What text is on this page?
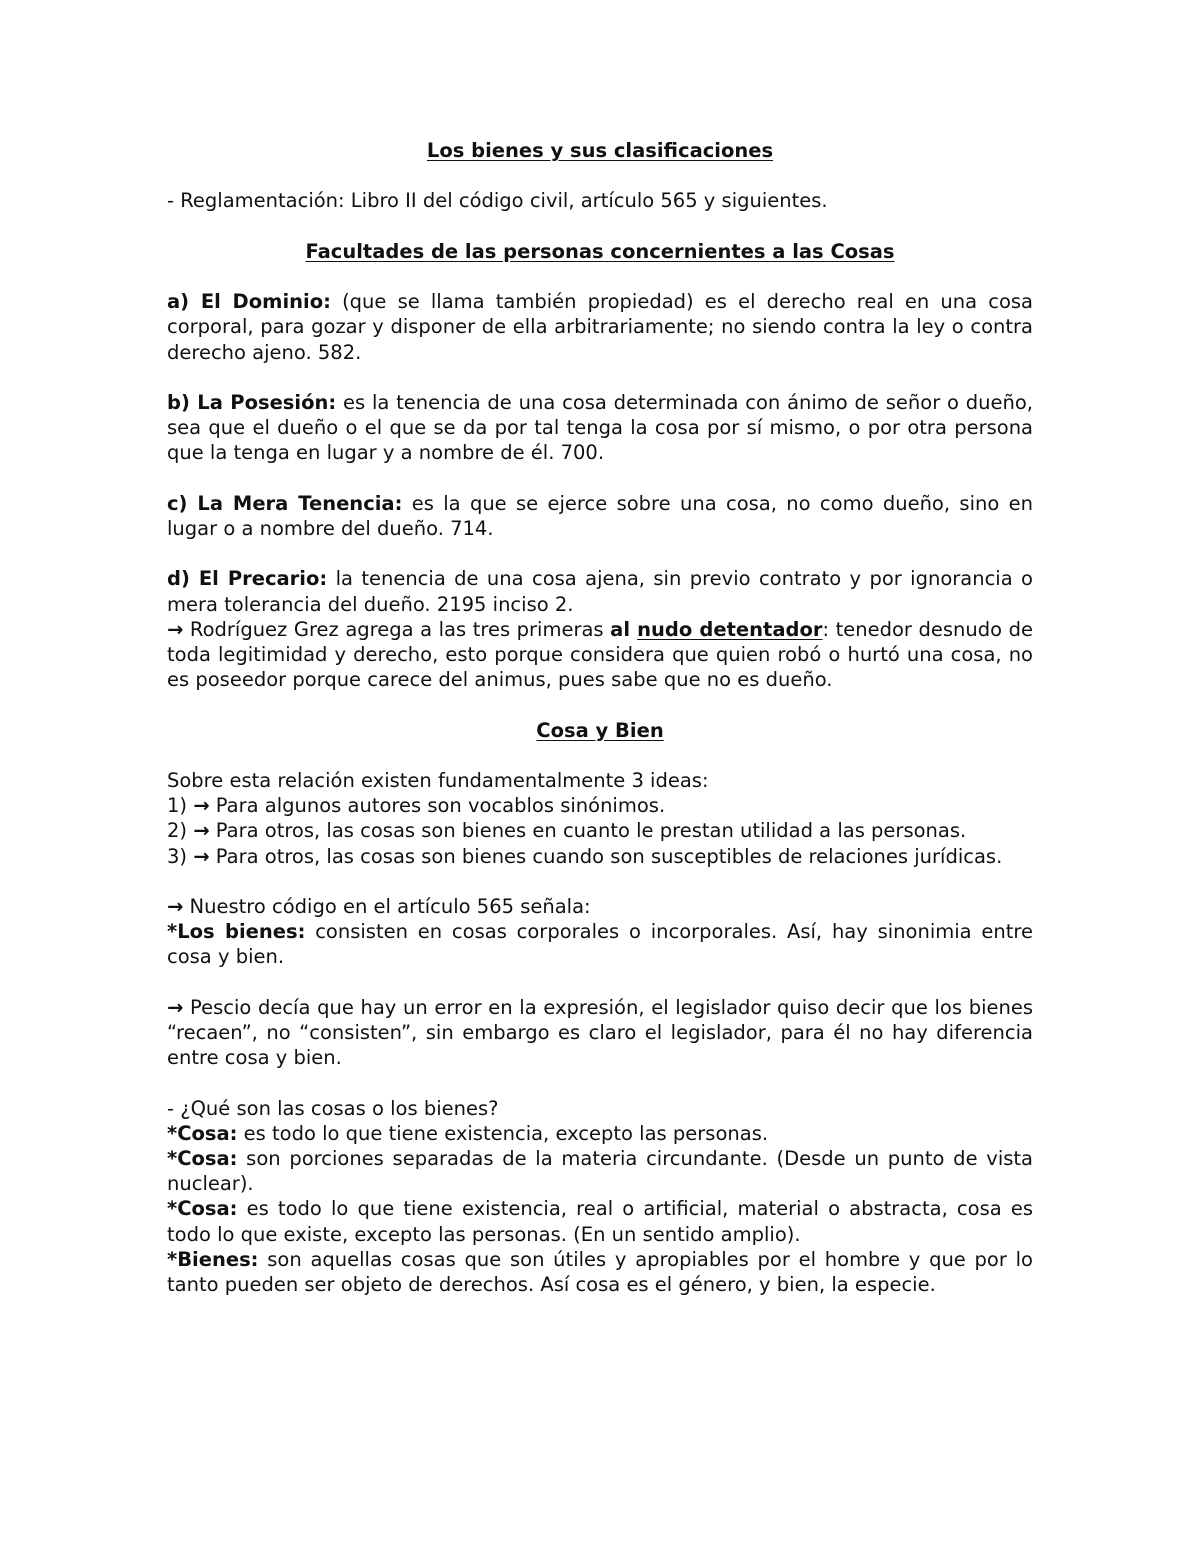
Los bienes y sus clasificaciones

- Reglamentación: Libro II del código civil, artículo 565 y siguientes.

Facultades de las personas concernientes a las Cosas

a) El Dominio: (que se llama también propiedad) es el derecho real en una cosa corporal, para gozar y disponer de ella arbitrariamente; no siendo contra la ley o contra derecho ajeno. 582.

b) La Posesión: es la tenencia de una cosa determinada con ánimo de señor o dueño, sea que el dueño o el que se da por tal tenga la cosa por sí mismo, o por otra persona que la tenga en lugar y a nombre de él. 700.

c) La Mera Tenencia: es la que se ejerce sobre una cosa, no como dueño, sino en lugar o a nombre del dueño. 714.

d) El Precario: la tenencia de una cosa ajena, sin previo contrato y por ignorancia o mera tolerancia del dueño. 2195 inciso 2.

→ Rodríguez Grez agrega a las tres primeras al nudo detentador: tenedor desnudo de toda legitimidad y derecho, esto porque considera que quien robó o hurtó una cosa, no es poseedor porque carece del animus, pues sabe que no es dueño.

Cosa y Bien

Sobre esta relación existen fundamentalmente 3 ideas:

1) → Para algunos autores son vocablos sinónimos.

2) → Para otros, las cosas son bienes en cuanto le prestan utilidad a las personas.

3) → Para otros, las cosas son bienes cuando son susceptibles de relaciones jurídicas.

→ Nuestro código en el artículo 565 señala:

*Los bienes: consisten en cosas corporales o incorporales. Así, hay sinonimia entre cosa y bien.

→ Pescio decía que hay un error en la expresión, el legislador quiso decir que los bienes “recaen”, no “consisten”, sin embargo es claro el legislador, para él no hay diferencia entre cosa y bien.

- ¿Qué son las cosas o los bienes?

*Cosa: es todo lo que tiene existencia, excepto las personas.

*Cosa: son porciones separadas de la materia circundante. (Desde un punto de vista nuclear).

*Cosa: es todo lo que tiene existencia, real o artificial, material o abstracta, cosa es todo lo que existe, excepto las personas. (En un sentido amplio).

*Bienes: son aquellas cosas que son útiles y apropiables por el hombre y que por lo tanto pueden ser objeto de derechos. Así cosa es el género, y bien, la especie.
